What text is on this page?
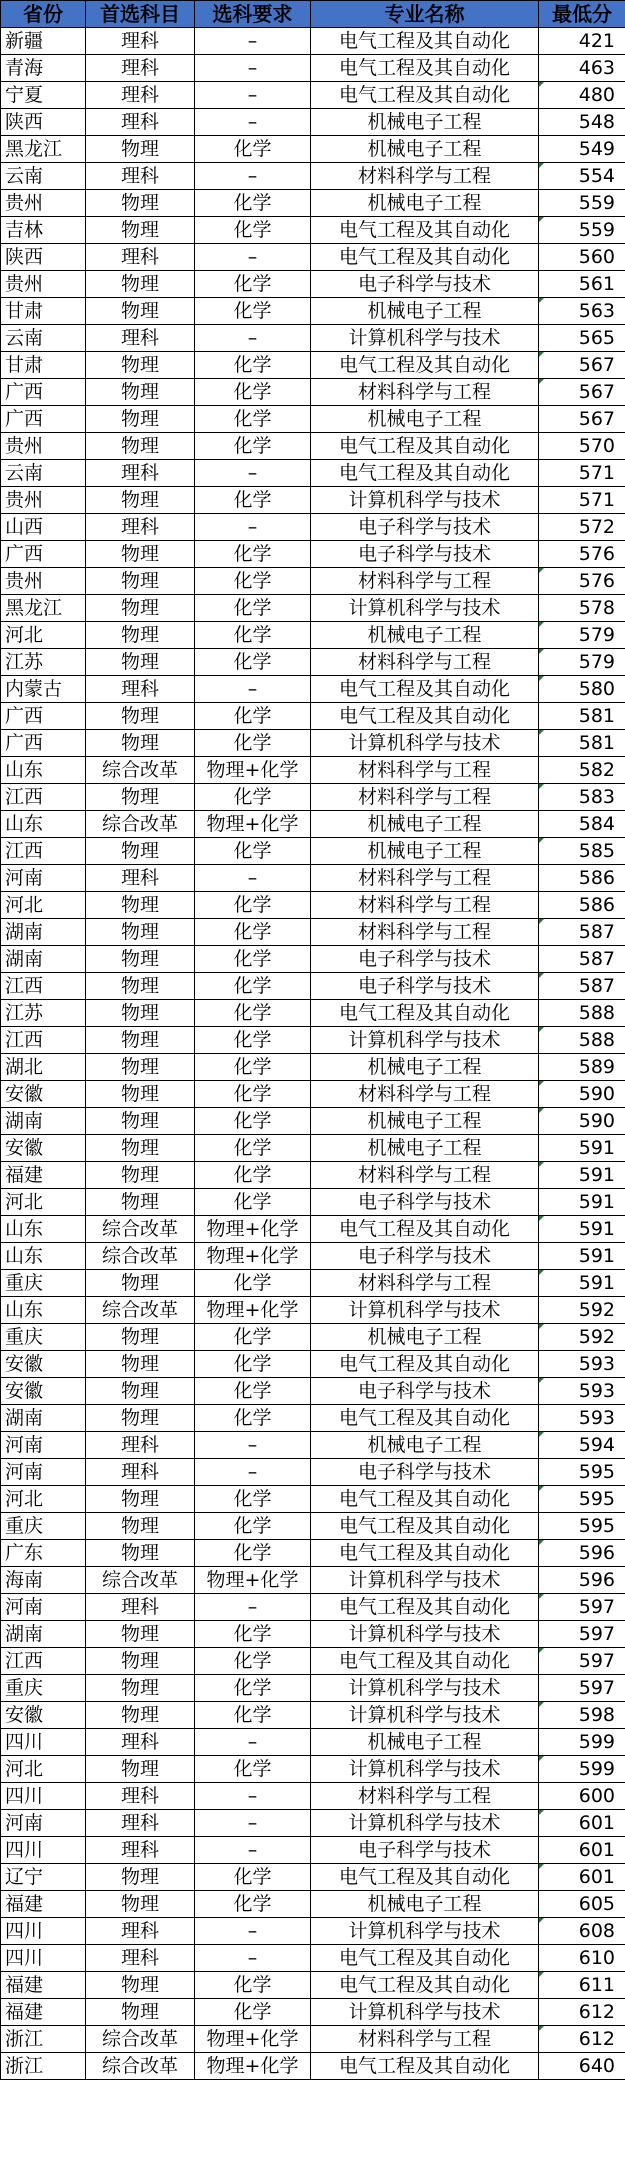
省份	首选科目	选科要求	专业名称	最低分
新疆	理科	–	电气工程及其自动化	421
青海	理科	–	电气工程及其自动化	463
宁夏	理科	–	电气工程及其自动化	480
陕西	理科	–	机械电子工程	548
黑龙江	物理	化学	机械电子工程	549
云南	理科	–	材料科学与工程	554
贵州	物理	化学	机械电子工程	559
吉林	物理	化学	电气工程及其自动化	559
陕西	理科	–	电气工程及其自动化	560
贵州	物理	化学	电子科学与技术	561
甘肃	物理	化学	机械电子工程	563
云南	理科	–	计算机科学与技术	565
甘肃	物理	化学	电气工程及其自动化	567
广西	物理	化学	材料科学与工程	567
广西	物理	化学	机械电子工程	567
贵州	物理	化学	电气工程及其自动化	570
云南	理科	–	电气工程及其自动化	571
贵州	物理	化学	计算机科学与技术	571
山西	理科	–	电子科学与技术	572
广西	物理	化学	电子科学与技术	576
贵州	物理	化学	材料科学与工程	576
黑龙江	物理	化学	计算机科学与技术	578
河北	物理	化学	机械电子工程	579
江苏	物理	化学	材料科学与工程	579
内蒙古	理科	–	电气工程及其自动化	580
广西	物理	化学	电气工程及其自动化	581
广西	物理	化学	计算机科学与技术	581
山东	综合改革	物理+化学	材料科学与工程	582
江西	物理	化学	材料科学与工程	583
山东	综合改革	物理+化学	机械电子工程	584
江西	物理	化学	机械电子工程	585
河南	理科	–	材料科学与工程	586
河北	物理	化学	材料科学与工程	586
湖南	物理	化学	材料科学与工程	587
湖南	物理	化学	电子科学与技术	587
江西	物理	化学	电子科学与技术	587
江苏	物理	化学	电气工程及其自动化	588
江西	物理	化学	计算机科学与技术	588
湖北	物理	化学	机械电子工程	589
安徽	物理	化学	材料科学与工程	590
湖南	物理	化学	机械电子工程	590
安徽	物理	化学	机械电子工程	591
福建	物理	化学	材料科学与工程	591
河北	物理	化学	电子科学与技术	591
山东	综合改革	物理+化学	电气工程及其自动化	591
山东	综合改革	物理+化学	电子科学与技术	591
重庆	物理	化学	材料科学与工程	591
山东	综合改革	物理+化学	计算机科学与技术	592
重庆	物理	化学	机械电子工程	592
安徽	物理	化学	电气工程及其自动化	593
安徽	物理	化学	电子科学与技术	593
湖南	物理	化学	电气工程及其自动化	593
河南	理科	–	机械电子工程	594
河南	理科	–	电子科学与技术	595
河北	物理	化学	电气工程及其自动化	595
重庆	物理	化学	电气工程及其自动化	595
广东	物理	化学	电气工程及其自动化	596
海南	综合改革	物理+化学	计算机科学与技术	596
河南	理科	–	电气工程及其自动化	597
湖南	物理	化学	计算机科学与技术	597
江西	物理	化学	电气工程及其自动化	597
重庆	物理	化学	计算机科学与技术	597
安徽	物理	化学	计算机科学与技术	598
四川	理科	–	机械电子工程	599
河北	物理	化学	计算机科学与技术	599
四川	理科	–	材料科学与工程	600
河南	理科	–	计算机科学与技术	601
四川	理科	–	电子科学与技术	601
辽宁	物理	化学	电气工程及其自动化	601
福建	物理	化学	机械电子工程	605
四川	理科	–	计算机科学与技术	608
四川	理科	–	电气工程及其自动化	610
福建	物理	化学	电气工程及其自动化	611
福建	物理	化学	计算机科学与技术	612
浙江	综合改革	物理+化学	材料科学与工程	612
浙江	综合改革	物理+化学	电气工程及其自动化	640
